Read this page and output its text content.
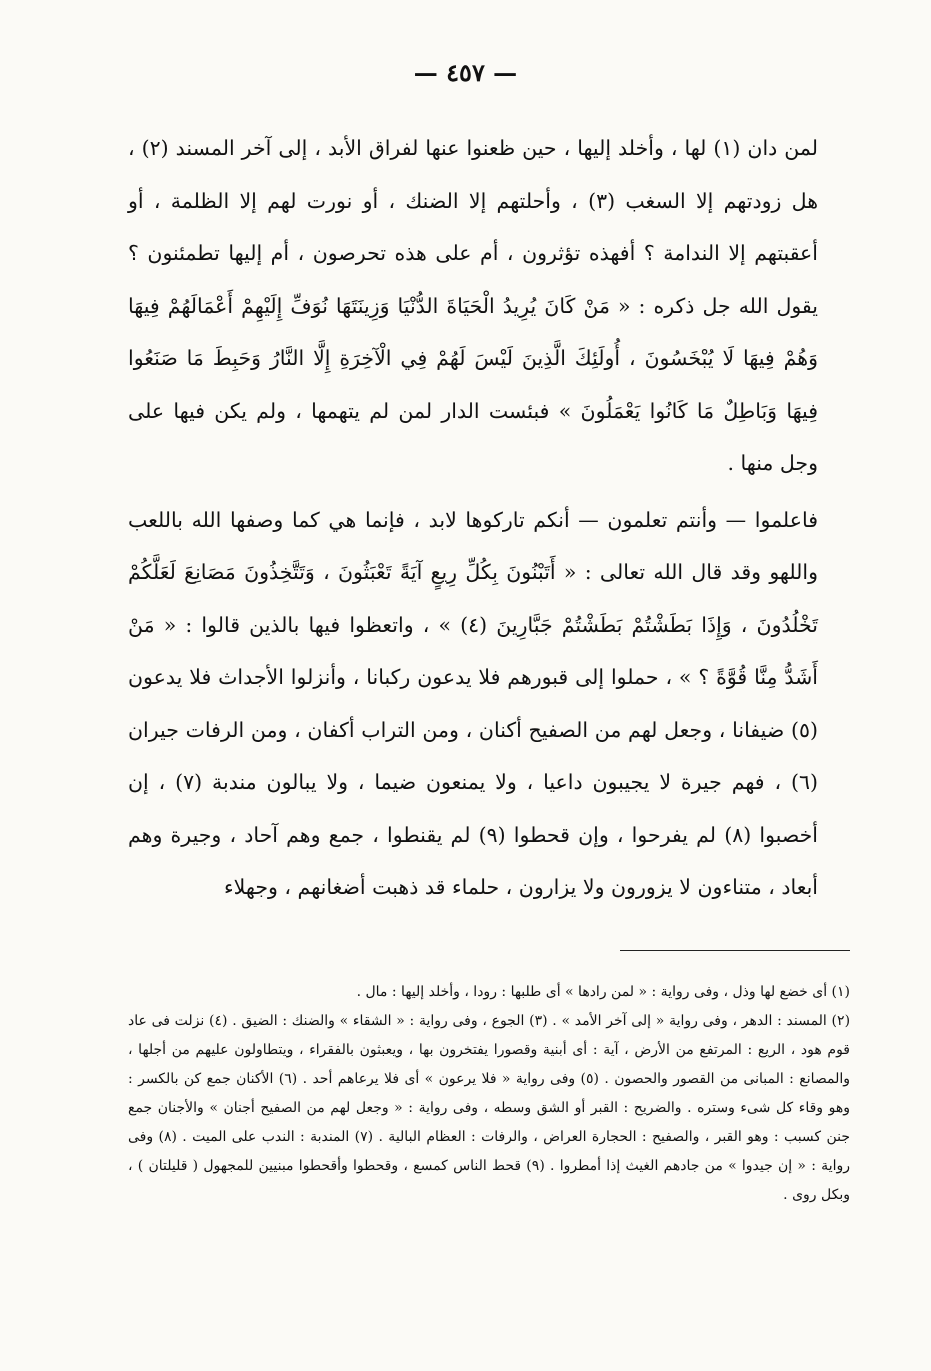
— ٤٥٧ —

لمن دان (١) لها ، وأخلد إليها ، حين ظعنوا عنها لفراق الأبد ، إلى آخر المسند (٢) ، هل زودتهم إلا السغب (٣) ، وأحلتهم إلا الضنك ، أو نورت لهم إلا الظلمة ، أو أعقبتهم إلا الندامة ؟ أفهذه تؤثرون ، أم على هذه تحرصون ، أم إليها تطمئنون ؟ يقول الله جل ذكره : « مَنْ كَانَ يُرِيدُ الْحَيَاةَ الدُّنْيَا وَزِينَتَهَا نُوَفِّ إِلَيْهِمْ أَعْمَالَهُمْ فِيهَا وَهُمْ فِيهَا لَا يُبْخَسُونَ ، أُولَئِكَ الَّذِينَ لَيْسَ لَهُمْ فِي الْآخِرَةِ إِلَّا النَّارُ وَحَبِطَ مَا صَنَعُوا فِيهَا وَبَاطِلٌ مَا كَانُوا يَعْمَلُونَ » فبئست الدار لمن لم يتهمها ، ولم يكن فيها على وجل منها .

فاعلموا — وأنتم تعلمون — أنكم تاركوها لابد ، فإنما هي كما وصفها الله باللعب واللهو وقد قال الله تعالى : « أَتَبْنُونَ بِكُلِّ رِيعٍ آيَةً تَعْبَثُونَ ، وَتَتَّخِذُونَ مَصَانِعَ لَعَلَّكُمْ تَخْلُدُونَ ، وَإِذَا بَطَشْتُمْ بَطَشْتُمْ جَبَّارِينَ (٤) » ، واتعظوا فيها بالذين قالوا : « مَنْ أَشَدُّ مِنَّا قُوَّةً ؟ » ، حملوا إلى قبورهم فلا يدعون ركبانا ، وأنزلوا الأجداث فلا يدعون (٥) ضيفانا ، وجعل لهم من الصفيح أكنان ، ومن التراب أكفان ، ومن الرفات جيران (٦) ، فهم جيرة لا يجيبون داعيا ، ولا يمنعون ضيما ، ولا يبالون مندبة (٧) ، إن أخصبوا (٨) لم يفرحوا ، وإن قحطوا (٩) لم يقنطوا ، جمع وهم آحاد ، وجيرة وهم أبعاد ، متناءون لا يزورون ولا يزارون ، حلماء قد ذهبت أضغانهم ، وجهلاء

(١) أى خضع لها وذل ، وفى رواية : « لمن رادها » أى طلبها : رودا ، وأخلد إليها : مال .

(٢) المسند : الدهر ، وفى رواية « إلى آخر الأمد » . (٣) الجوع ، وفى رواية : « الشقاء » والضنك : الضيق . (٤) نزلت فى عاد قوم هود ، الريع : المرتفع من الأرض ، آية : أى أبنية وقصورا يفتخرون بها ، ويعبثون بالفقراء ، ويتطاولون عليهم من أجلها ، والمصانع : المبانى من القصور والحصون . (٥) وفى رواية « فلا يرعون » أى فلا يرعاهم أحد . (٦) الأكنان جمع كن بالكسر : وهو وقاء كل شىء وستره . والضريح : القبر أو الشق وسطه ، وفى رواية : « وجعل لهم من الصفيح أجنان » والأجنان جمع جنن كسبب : وهو القبر ، والصفيح : الحجارة العراض ، والرفات : العظام البالية . (٧) المندبة : الندب على الميت . (٨) وفى رواية : « إن جيدوا » من جادهم الغيث إذا أمطروا . (٩) قحط الناس كمسع ، وقحطوا وأقحطوا مبنيين للمجهول ( قليلتان ) ، وبكل روى .
